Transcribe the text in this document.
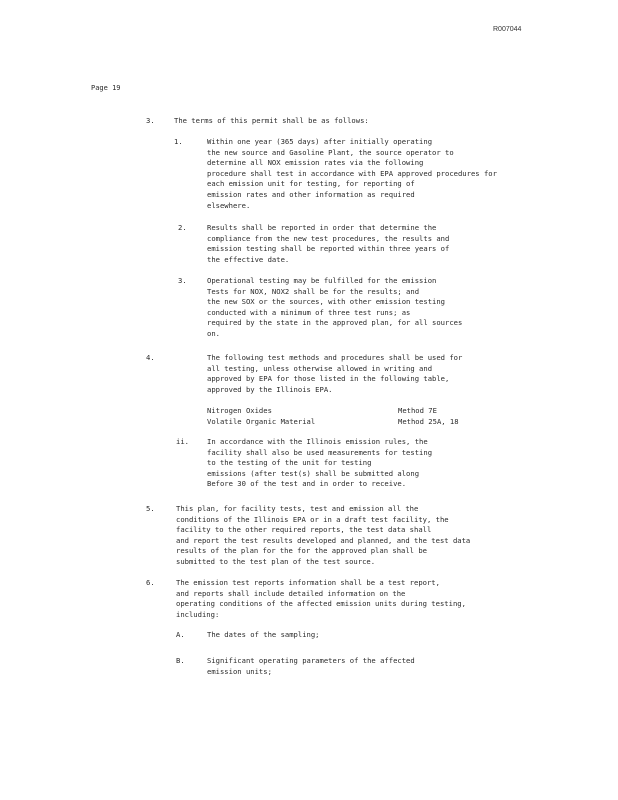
R007044
Page 19
3.	The terms of this permit shall be as follows:
1.	Within one year (365 days) after initially operating
the new source and Gasoline Plant, the source operator to
determine all NOX emission rates via the following
procedure shall test in accordance with EPA approved procedures for
each emission unit for testing, for reporting of
emission rates and other information as required
elsewhere.
2.	Results shall be reported in order that determine the
compliance from the new test procedures, the results and
emission testing shall be reported within three years of
the effective date.
3.	Operational testing may be fulfilled for the emission
Tests for NOX, NOX2 shall be for the results; and
the new SOX or the sources, with other emission testing
conducted with a minimum of three test runs; as
required by the state in the approved plan, for all sources
on.
4.	The following test methods and procedures shall be used for
all testing, unless otherwise allowed in writing and
approved by EPA for those listed in the following table,
approved by the Illinois EPA.
Nitrogen Oxides	Method 7E
Volatile Organic Material	Method 25A, 18
ii.	In accordance with the Illinois emission rules, the
facility shall also be used measurements for testing
to the testing of the unit for testing
emissions (after test(s) shall be submitted along
Before 30 of the test and in order to receive.
5.	This plan, for facility tests, test and emission all the
conditions of the Illinois EPA or in a draft test facility, the
facility to the other required reports, the test data shall
and report the test results developed and planned, and the test data
results of the plan for the for the approved plan shall be
submitted to the test plan of the test source.
6.	The emission test reports information shall be a test report,
and reports shall include detailed information on the
operating conditions of the affected emission units during testing,
including:
A.	The dates of the sampling;
B.	Significant operating parameters of the affected
emission units;
